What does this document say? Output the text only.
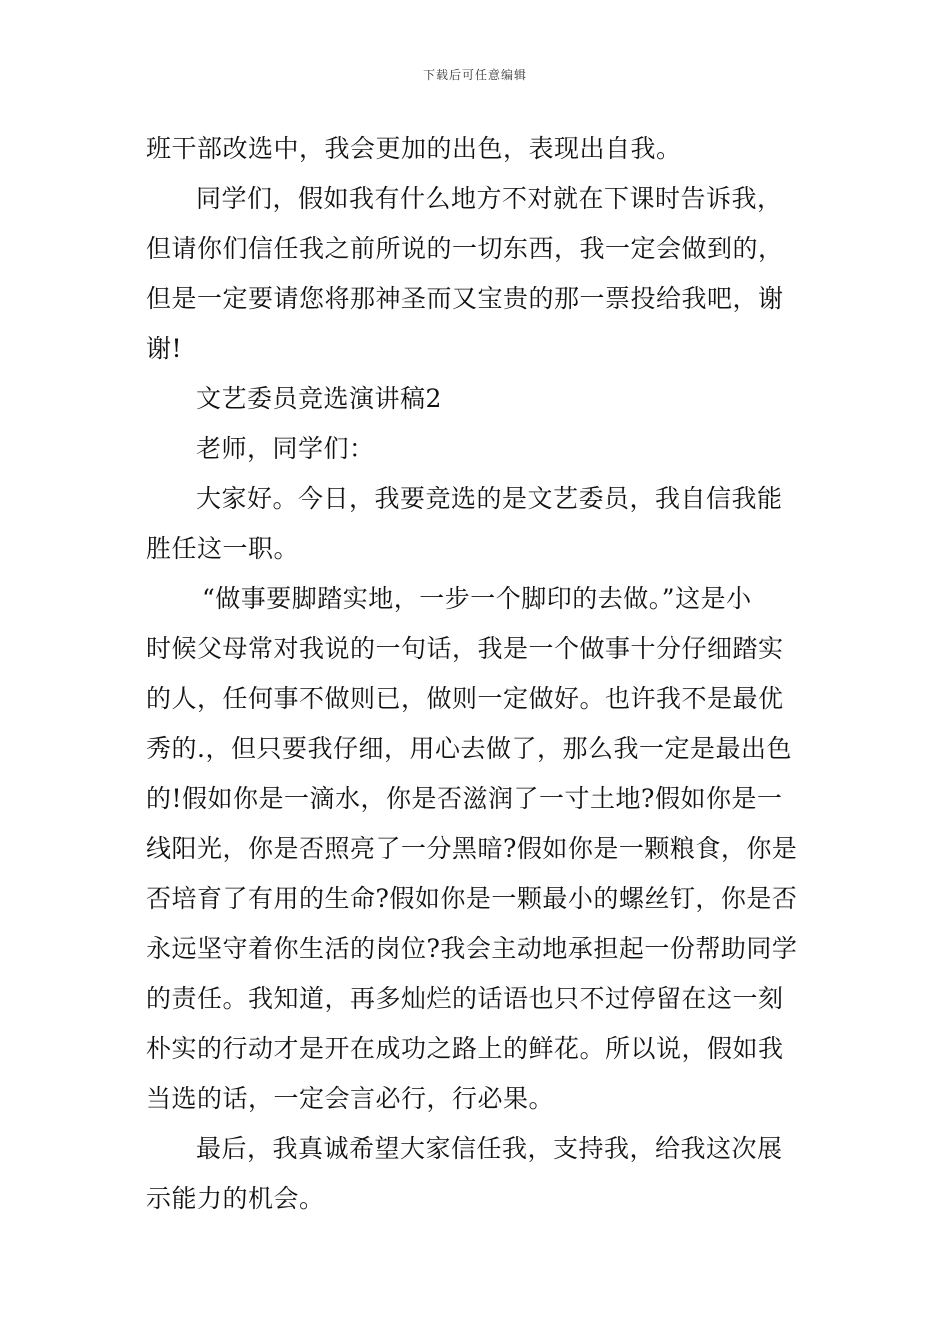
下载后可任意编辑
班干部改选中，我会更加的出色，表现出自我。
同学们，假如我有什么地方不对就在下课时告诉我，
但请你们信任我之前所说的一切东西，我一定会做到的，
但是一定要请您将那神圣而又宝贵的那一票投给我吧，谢
谢!
文艺委员竞选演讲稿2
老师，同学们：
大家好。今日，我要竞选的是文艺委员，我自信我能
胜任这一职。
“做事要脚踏实地，一步一个脚印的去做。”这是小
时候父母常对我说的一句话，我是一个做事十分仔细踏实
的人，任何事不做则已，做则一定做好。也许我不是最优
秀的.，但只要我仔细，用心去做了，那么我一定是最出色
的!假如你是一滴水，你是否滋润了一寸土地?假如你是一
线阳光，你是否照亮了一分黑暗?假如你是一颗粮食，你是
否培育了有用的生命?假如你是一颗最小的螺丝钉，你是否
永远坚守着你生活的岗位?我会主动地承担起一份帮助同学
的责任。我知道，再多灿烂的话语也只不过停留在这一刻
朴实的行动才是开在成功之路上的鲜花。所以说，假如我
当选的话，一定会言必行，行必果。
最后，我真诚希望大家信任我，支持我，给我这次展
示能力的机会。
